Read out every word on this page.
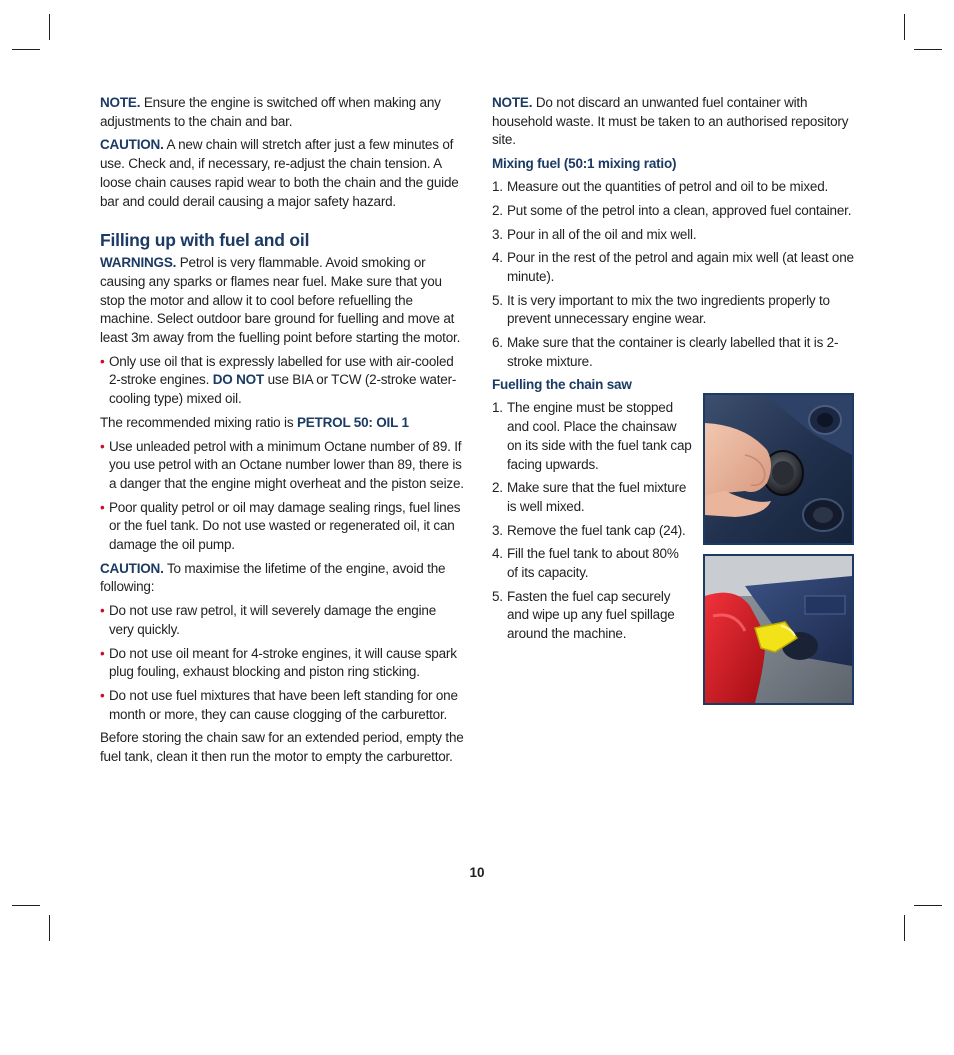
NOTE. Ensure the engine is switched off when making any adjustments to the chain and bar.

CAUTION. A new chain will stretch after just a few minutes of use. Check and, if necessary, re-adjust the chain tension. A loose chain causes rapid wear to both the chain and the guide bar and could derail causing a major safety hazard.

Filling up with fuel and oil

WARNINGS. Petrol is very flammable. Avoid smoking or causing any sparks or flames near fuel. Make sure that you stop the motor and allow it to cool before refuelling the machine. Select outdoor bare ground for fuelling and move at least 3m away from the fuelling point before starting the motor.

• Only use oil that is expressly labelled for use with air-cooled 2-stroke engines. DO NOT use BIA or TCW (2-stroke water-cooling type) mixed oil.

The recommended mixing ratio is PETROL 50: OIL 1

• Use unleaded petrol with a minimum Octane number of 89. If you use petrol with an Octane number lower than 89, there is a danger that the engine might overheat and the piston seize.
• Poor quality petrol or oil may damage sealing rings, fuel lines or the fuel tank. Do not use wasted or regenerated oil, it can damage the oil pump.

CAUTION. To maximise the lifetime of the engine, avoid the following:

• Do not use raw petrol, it will severely damage the engine very quickly.
• Do not use oil meant for 4-stroke engines, it will cause spark plug fouling, exhaust blocking and piston ring sticking.
• Do not use fuel mixtures that have been left standing for one month or more, they can cause clogging of the carburettor.

Before storing the chain saw for an extended period, empty the fuel tank, clean it then run the motor to empty the carburettor.

NOTE. Do not discard an unwanted fuel container with household waste. It must be taken to an authorised repository site.

Mixing fuel (50:1 mixing ratio)
1. Measure out the quantities of petrol and oil to be mixed.
2. Put some of the petrol into a clean, approved fuel container.
3. Pour in all of the oil and mix well.
4. Pour in the rest of the petrol and again mix well (at least one minute).
5. It is very important to mix the two ingredients properly to prevent unnecessary engine wear.
6. Make sure that the container is clearly labelled that it is 2-stroke mixture.
Fuelling the chain saw
1. The engine must be stopped and cool. Place the chainsaw on its side with the fuel tank cap facing upwards.
2. Make sure that the fuel mixture is well mixed.
3. Remove the fuel tank cap (24).
4. Fill the fuel tank to about 80% of its capacity.
5. Fasten the fuel cap securely and wipe up any fuel spillage around the machine.
10
